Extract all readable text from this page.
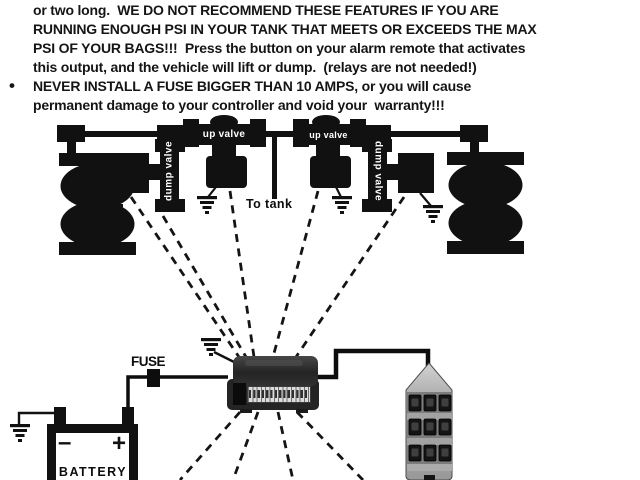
or two long.  WE DO NOT RECOMMEND THESE FEATURES IF YOU ARE
RUNNING ENOUGH PSI IN YOUR TANK THAT MEETS OR EXCEEDS THE MAX
PSI OF YOUR BAGS!!!  Press the button on your alarm remote that activates
this output, and the vehicle will lift or dump.  (relays are not needed!)
• NEVER INSTALL A FUSE BIGGER THAN 10 AMPS, or you will cause
permanent damage to your controller and void your  warranty!!!
up valve	up valve
dump valve	dump valve
To tank
FUSE
BATTERY
– +
